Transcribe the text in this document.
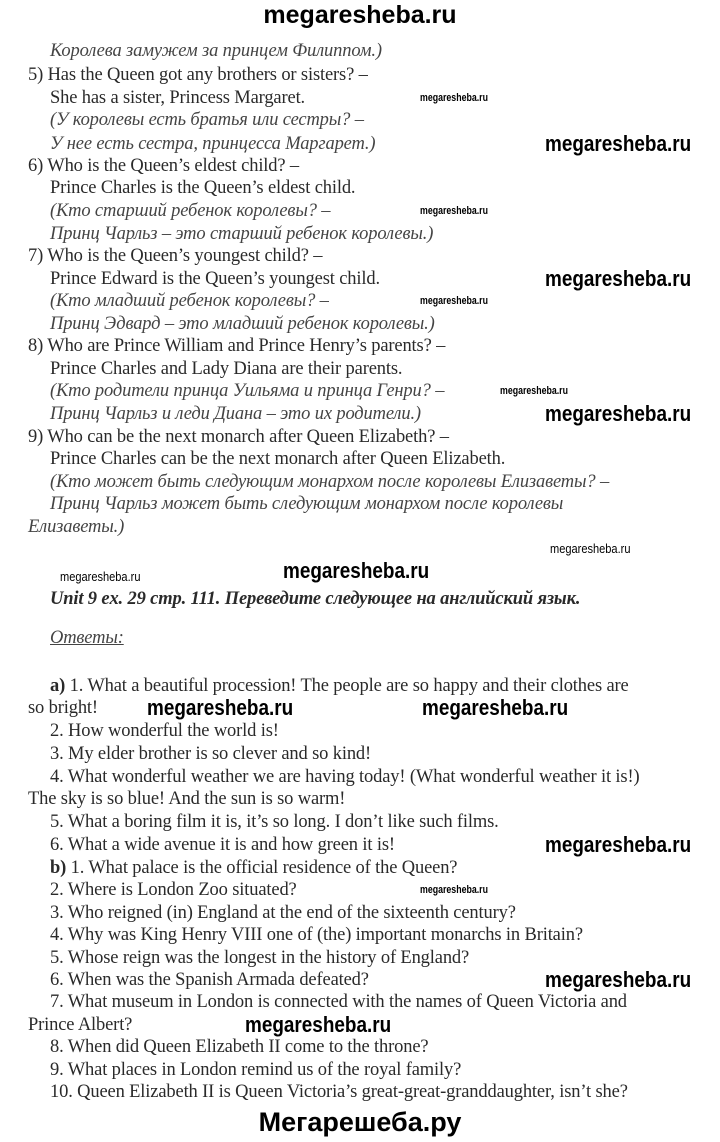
megaresheba.ru
Королева замужем за принцем Филиппом.)
5) Has the Queen got any brothers or sisters? –
She has a sister, Princess Margaret.
(У королевы есть братья или сестры? –
У нее есть сестра, принцесса Маргарет.)
6) Who is the Queen’s eldest child? –
Prince Charles is the Queen’s eldest child.
(Кто старший ребенок королевы? –
Принц Чарльз – это старший ребенок королевы.)
7) Who is the Queen’s youngest child? –
Prince Edward is the Queen’s youngest child.
(Кто младший ребенок королевы? –
Принц Эдвард – это младший ребенок королевы.)
8) Who are Prince William and Prince Henry’s parents? –
Prince Charles and Lady Diana are their parents.
(Кто родители принца Уильяма и принца Генри? –
Принц Чарльз и леди Диана – это их родители.)
9) Who can be the next monarch after Queen Elizabeth? –
Prince Charles can be the next monarch after Queen Elizabeth.
(Кто может быть следующим монархом после королевы Елизаветы? –
Принц Чарльз может быть следующим монархом после королевы
Елизаветы.)
a) 1. What a beautiful procession! The people are so happy and their clothes are
so bright!
2. How wonderful the world is!
3. My elder brother is so clever and so kind!
4. What wonderful weather we are having today! (What wonderful weather it is!)
The sky is so blue! And the sun is so warm!
5. What a boring film it is, it’s so long. I don’t like such films.
6. What a wide avenue it is and how green it is!
b) 1. What palace is the official residence of the Queen?
2. Where is London Zoo situated?
3. Who reigned (in) England at the end of the sixteenth century?
4. Why was King Henry VIII one of (the) important monarchs in Britain?
5. Whose reign was the longest in the history of England?
6. When was the Spanish Armada defeated?
7. What museum in London is connected with the names of Queen Victoria and
Prince Albert?
8. When did Queen Elizabeth II come to the throne?
9. What places in London remind us of the royal family?
10. Queen Elizabeth II is Queen Victoria’s great-great-granddaughter, isn’t she?
megaresheba.ru
megaresheba.ru
megaresheba.ru
megaresheba.ru
megaresheba.ru	megaresheba.ru
megaresheba.ru
megaresheba.ru
megaresheba.ru
megaresheba.ru
megaresheba.ru
megaresheba.ru
megaresheba.ru
megaresheba.ru
megaresheba.ru
megaresheba.ru
Unit 9 ex. 29 стр. 111. Переведите следующее на английский язык.
Ответы:
Мегарешеба.ру
